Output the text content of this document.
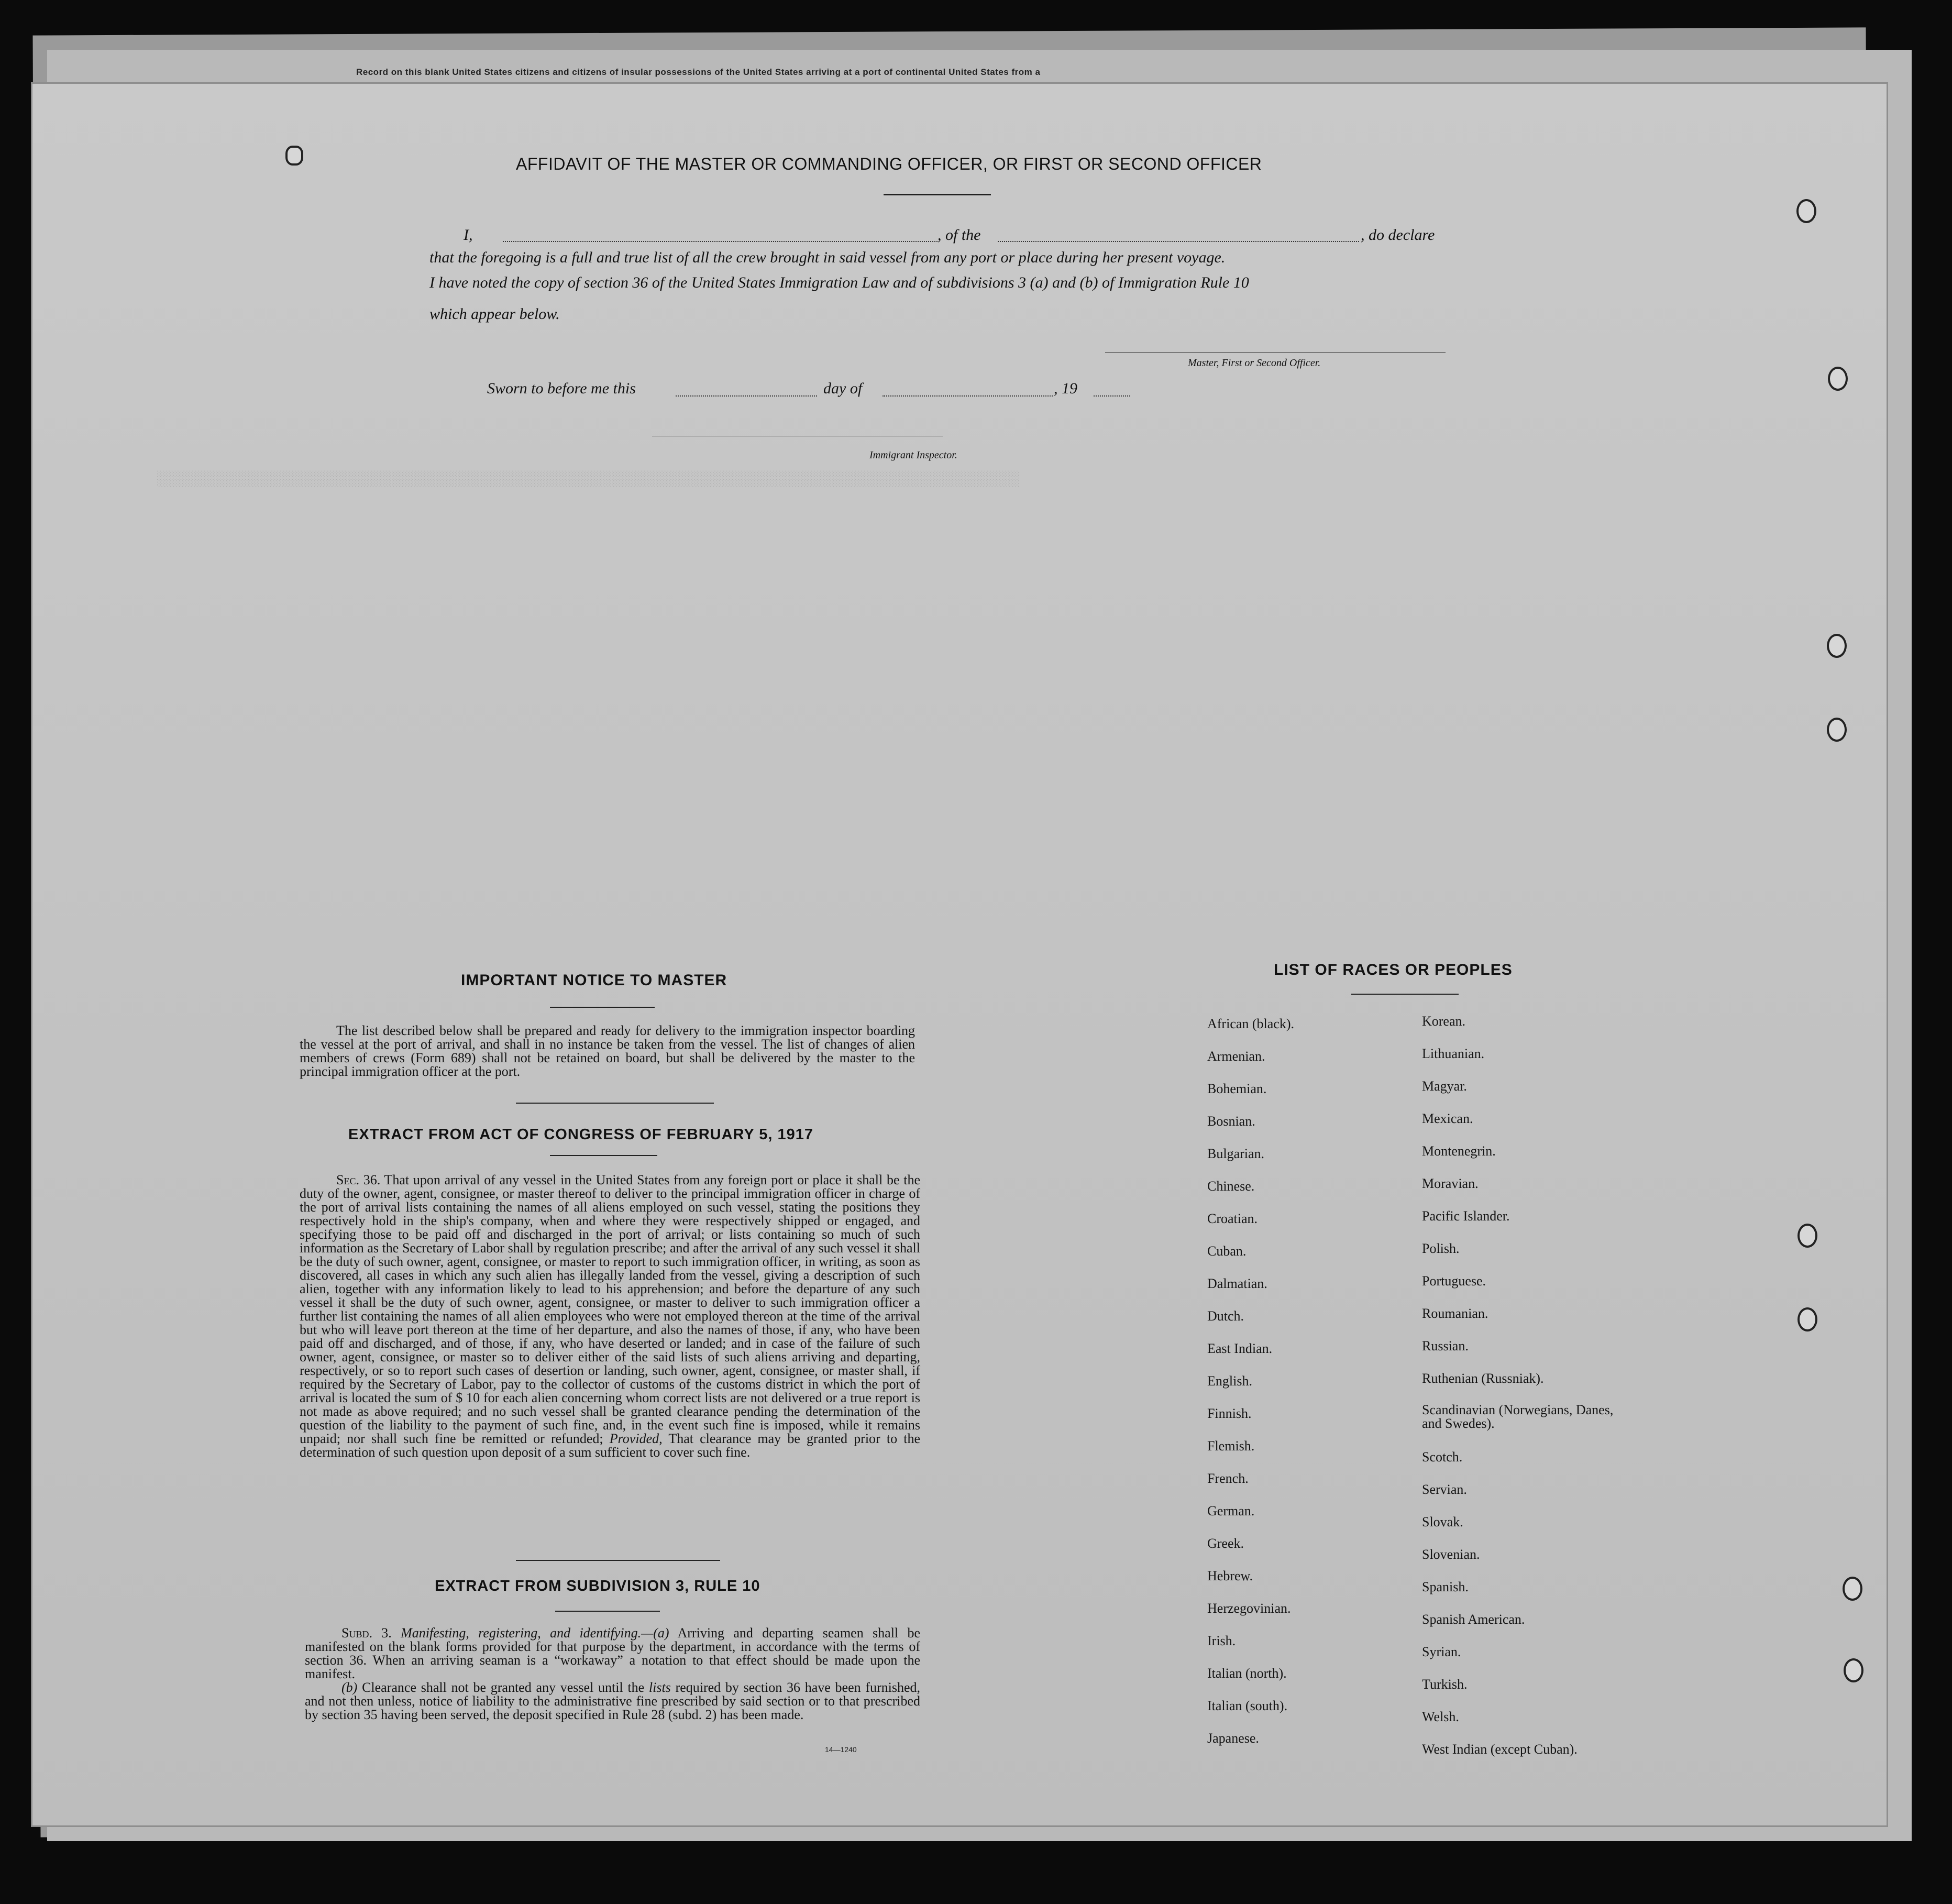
Record on this blank United States citizens and citizens of insular possessions of the United States arriving at a port of continental United States from a
░░░░░░░░░░░░░░░░░░░░░░░░░░░░░░░░░░░░░░░░░░░░░░░░░░░░░░░░░░░░░░░░░░░░░░░░░░░░░░░░░░░░░░░░░░░░░░░░░░
AFFIDAVIT OF THE MASTER OR COMMANDING OFFICER, OR FIRST OR SECOND OFFICER
I,	, of the	, do declare
that the foregoing is a full and true list of all the crew brought in said vessel from any port or place during her present voyage.
I have noted the copy of section 36 of the United States Immigration Law and of subdivisions 3 (a) and (b) of Immigration Rule 10
which appear below.
Master, First or Second Officer.
Sworn to before me this	day of	, 19
Immigrant Inspector.
IMPORTANT NOTICE TO MASTER

The list described below shall be prepared and ready for delivery to the immigration inspector boarding the vessel at the port of arrival, and shall in no instance be taken from the vessel. The list of changes of alien members of crews (Form 689) shall not be retained on board, but shall be delivered by the master to the principal immigration officer at the port.

EXTRACT FROM ACT OF CONGRESS OF FEBRUARY 5, 1917

Sec. 36. That upon arrival of any vessel in the United States from any foreign port or place it shall be the duty of the owner, agent, consignee, or master thereof to deliver to the principal immigration officer in charge of the port of arrival lists containing the names of all aliens employed on such vessel, stating the positions they respectively hold in the ship's company, when and where they were respectively shipped or engaged, and specifying those to be paid off and discharged in the port of arrival; or lists containing so much of such information as the Secretary of Labor shall by regulation prescribe; and after the arrival of any such vessel it shall be the duty of such owner, agent, consignee, or master to report to such immigration officer, in writing, as soon as discovered, all cases in which any such alien has illegally landed from the vessel, giving a description of such alien, together with any information likely to lead to his apprehension; and before the departure of any such vessel it shall be the duty of such owner, agent, consignee, or master to deliver to such immigration officer a further list containing the names of all alien employees who were not employed thereon at the time of the arrival but who will leave port thereon at the time of her departure, and also the names of those, if any, who have been paid off and discharged, and of those, if any, who have deserted or landed; and in case of the failure of such owner, agent, consignee, or master so to deliver either of the said lists of such aliens arriving and departing, respectively, or so to report such cases of desertion or landing, such owner, agent, consignee, or master shall, if required by the Secretary of Labor, pay to the collector of customs of the customs district in which the port of arrival is located the sum of $ 10 for each alien concerning whom correct lists are not delivered or a true report is not made as above required; and no such vessel shall be granted clearance pending the determination of the question of the liability to the payment of such fine, and, in the event such fine is imposed, while it remains unpaid; nor shall such fine be remitted or refunded; Provided, That clearance may be granted prior to the determination of such question upon deposit of a sum sufficient to cover such fine.

EXTRACT FROM SUBDIVISION 3, RULE 10

Subd. 3. Manifesting, registering, and identifying.—(a) Arriving and departing seamen shall be manifested on the blank forms provided for that purpose by the department, in accordance with the terms of section 36. When an arriving seaman is a “workaway” a notation to that effect should be made upon the manifest.

(b) Clearance shall not be granted any vessel until the lists required by section 36 have been furnished, and not then unless, notice of liability to the administrative fine prescribed by said section or to that prescribed by section 35 having been served, the deposit specified in Rule 28 (subd. 2) has been made.

14—1240
LIST OF RACES OR PEOPLES
African (black).
Armenian.
Bohemian.
Bosnian.
Bulgarian.
Chinese.
Croatian.
Cuban.
Dalmatian.
Dutch.
East Indian.
English.
Finnish.
Flemish.
French.
German.
Greek.
Hebrew.
Herzegovinian.
Irish.
Italian (north).
Italian (south).
Japanese.
Korean.
Lithuanian.
Magyar.
Mexican.
Montenegrin.
Moravian.
Pacific Islander.
Polish.
Portuguese.
Roumanian.
Russian.
Ruthenian (Russniak).
Scandinavian (Norwegians, Danes, and Swedes).
Scotch.
Servian.
Slovak.
Slovenian.
Spanish.
Spanish American.
Syrian.
Turkish.
Welsh.
West Indian (except Cuban).
